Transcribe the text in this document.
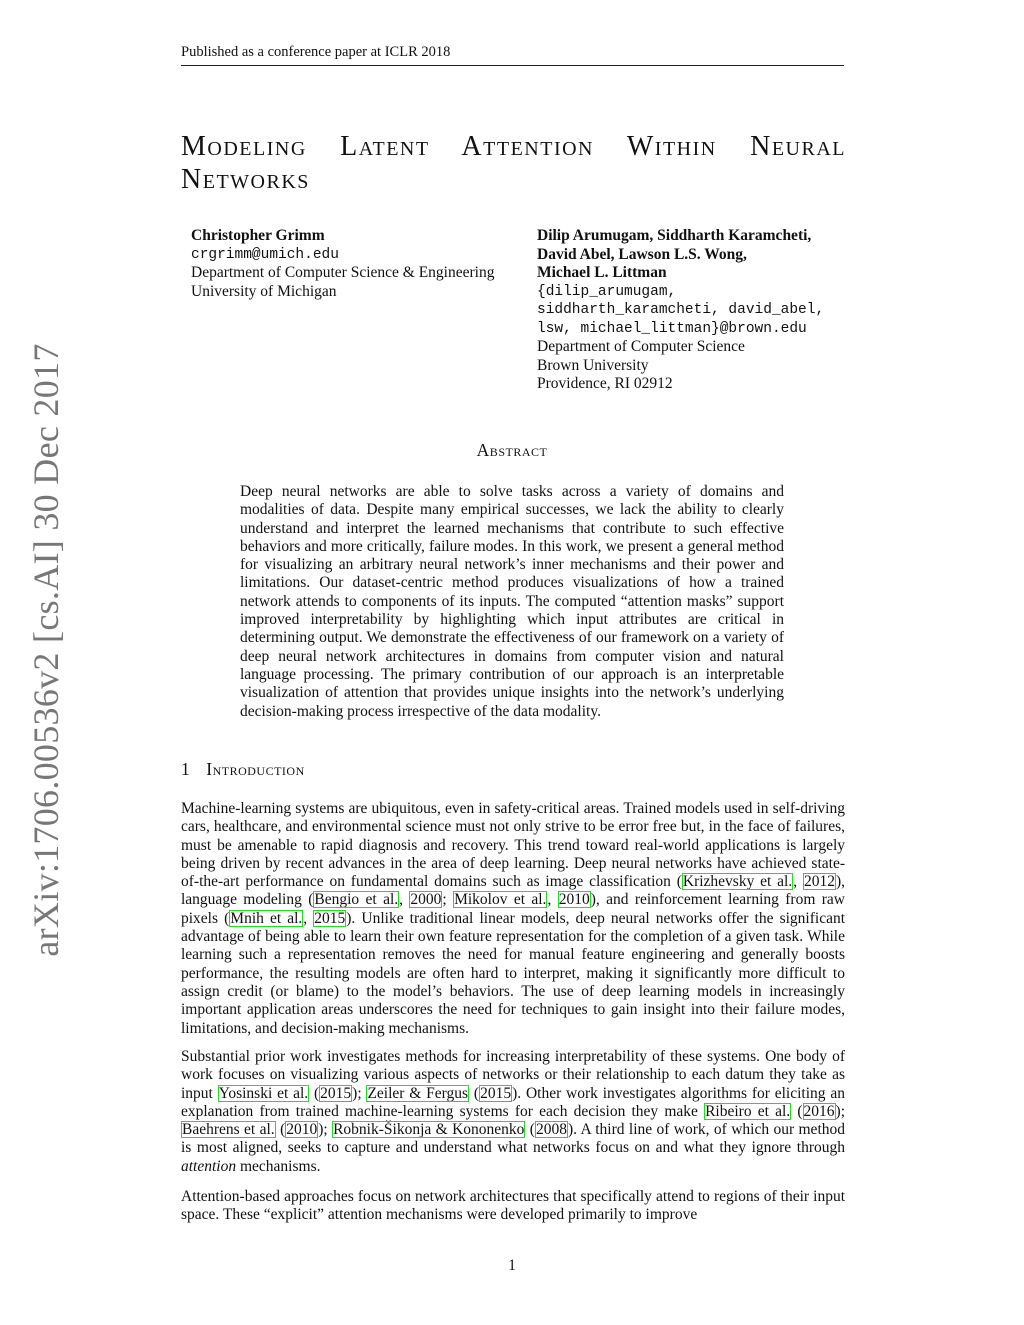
Published as a conference paper at ICLR 2018
arXiv:1706.00536v2 [cs.AI] 30 Dec 2017
Modeling Latent Attention Within Neural Networks
Christopher Grimm
crgrimm@umich.edu
Department of Computer Science & Engineering
University of Michigan
Dilip Arumugam, Siddharth Karamcheti,
David Abel, Lawson L.S. Wong,
Michael L. Littman
{dilip_arumugam,
siddharth_karamcheti, david_abel,
lsw, michael_littman}@brown.edu
Department of Computer Science
Brown University
Providence, RI 02912
Abstract
Deep neural networks are able to solve tasks across a variety of domains and modalities of data. Despite many empirical successes, we lack the ability to clearly understand and interpret the learned mechanisms that contribute to such effective behaviors and more critically, failure modes. In this work, we present a general method for visualizing an arbitrary neural network’s inner mechanisms and their power and limitations. Our dataset-centric method produces visualizations of how a trained network attends to components of its inputs. The computed “attention masks” support improved interpretability by highlighting which input attributes are critical in determining output. We demonstrate the effectiveness of our framework on a variety of deep neural network architectures in domains from computer vision and natural language processing. The primary contribution of our approach is an interpretable visualization of attention that provides unique insights into the network’s underlying decision-making process irrespective of the data modality.
1 Introduction
Machine-learning systems are ubiquitous, even in safety-critical areas. Trained models used in self-driving cars, healthcare, and environmental science must not only strive to be error free but, in the face of failures, must be amenable to rapid diagnosis and recovery. This trend toward real-world applications is largely being driven by recent advances in the area of deep learning. Deep neural networks have achieved state-of-the-art performance on fundamental domains such as image classification (Krizhevsky et al., 2012), language modeling (Bengio et al., 2000; Mikolov et al., 2010), and reinforcement learning from raw pixels (Mnih et al., 2015). Unlike traditional linear models, deep neural networks offer the significant advantage of being able to learn their own feature representation for the completion of a given task. While learning such a representation removes the need for manual feature engineering and generally boosts performance, the resulting models are often hard to interpret, making it significantly more difficult to assign credit (or blame) to the model’s behaviors. The use of deep learning models in increasingly important application areas underscores the need for techniques to gain insight into their failure modes, limitations, and decision-making mechanisms.
Substantial prior work investigates methods for increasing interpretability of these systems. One body of work focuses on visualizing various aspects of networks or their relationship to each datum they take as input Yosinski et al. (2015); Zeiler & Fergus (2015). Other work investigates algorithms for eliciting an explanation from trained machine-learning systems for each decision they make Ribeiro et al. (2016); Baehrens et al. (2010); Robnik-Šikonja & Kononenko (2008). A third line of work, of which our method is most aligned, seeks to capture and understand what networks focus on and what they ignore through attention mechanisms.
Attention-based approaches focus on network architectures that specifically attend to regions of their input space. These “explicit” attention mechanisms were developed primarily to improve
1
